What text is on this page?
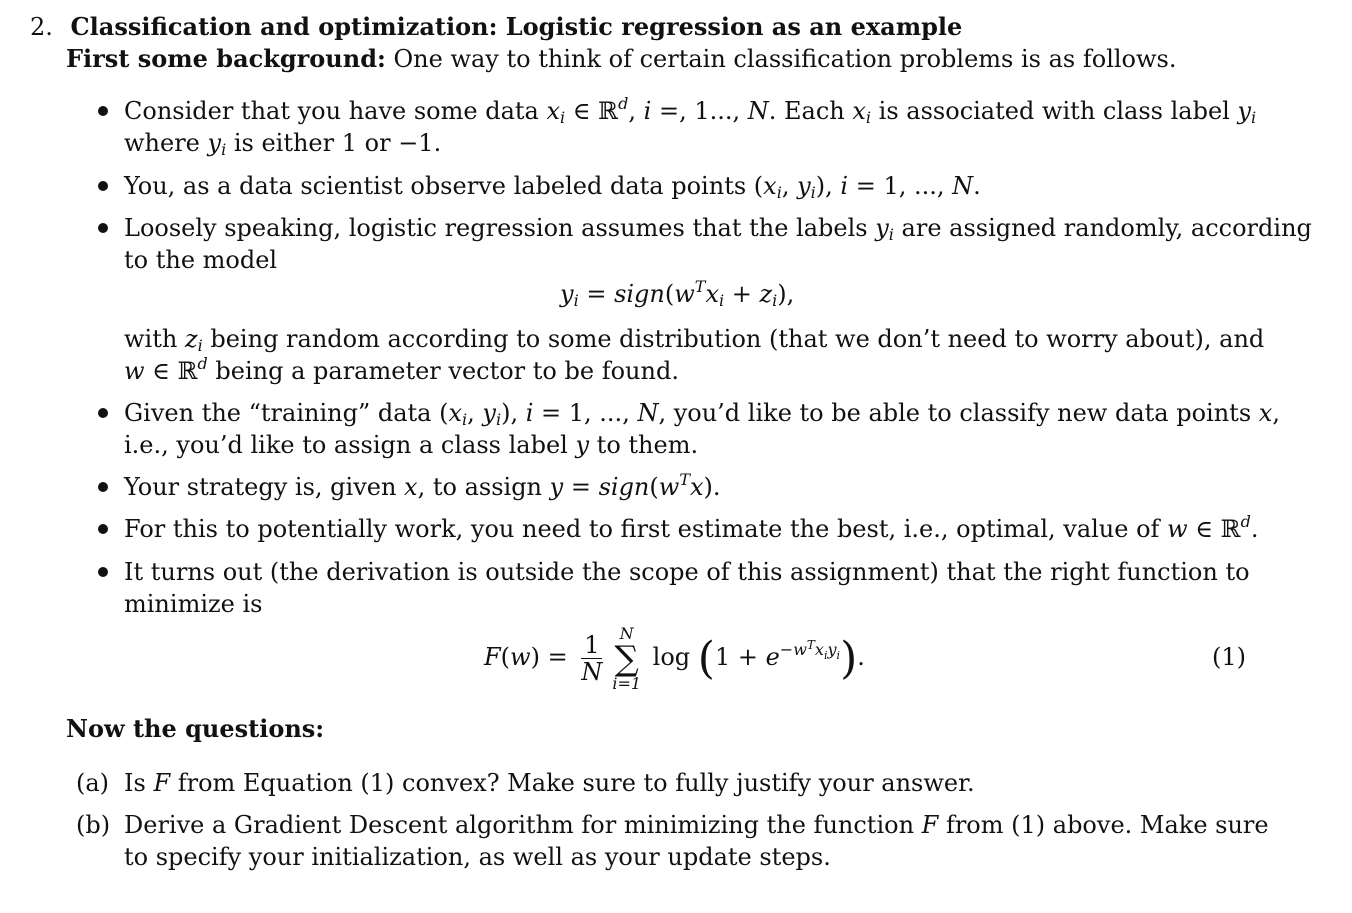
2. Classification and optimization: Logistic regression as an example
First some background: One way to think of certain classification problems is as follows.
Consider that you have some data $x_i$ ∈ ℝ$^d$, i =, 1..., N. Each $x_i$ is associated with class label $y_i$
where $y_i$ is either 1 or −1.
You, as a data scientist observe labeled data points ($x_i$, $y_i$), i = 1, ..., N.
Loosely speaking, logistic regression assumes that the labels $y_i$ are assigned randomly, according
to the model
$y_i$ = $sign(w^Tx_i + z_i)$,
with $z_i$ being random according to some distribution (that we don’t need to worry about), and
w ∈ ℝ$^d$ being a parameter vector to be found.
Given the “training” data ($x_i$, $y_i$), i = 1, ..., N, you’d like to be able to classify new data points x,
i.e., you’d like to assign a class label y to them.
Your strategy is, given x, to assign $y = sign(w^Tx)$.
For this to potentially work, you need to first estimate the best, i.e., optimal, value of w ∈ ℝ$^d$.
It turns out (the derivation is outside the scope of this assignment) that the right function to
minimize is
$F(w) = \frac{1}{N}$	N
∑
i=1
$\log (1 + e^{-w^Tx_iy_i})$.	(1)
Now the questions:
(a) Is F from Equation (1) convex? Make sure to fully justify your answer.
(b) Derive a Gradient Descent algorithm for minimizing the function F from (1) above. Make sure
to specify your initialization, as well as your update steps.
